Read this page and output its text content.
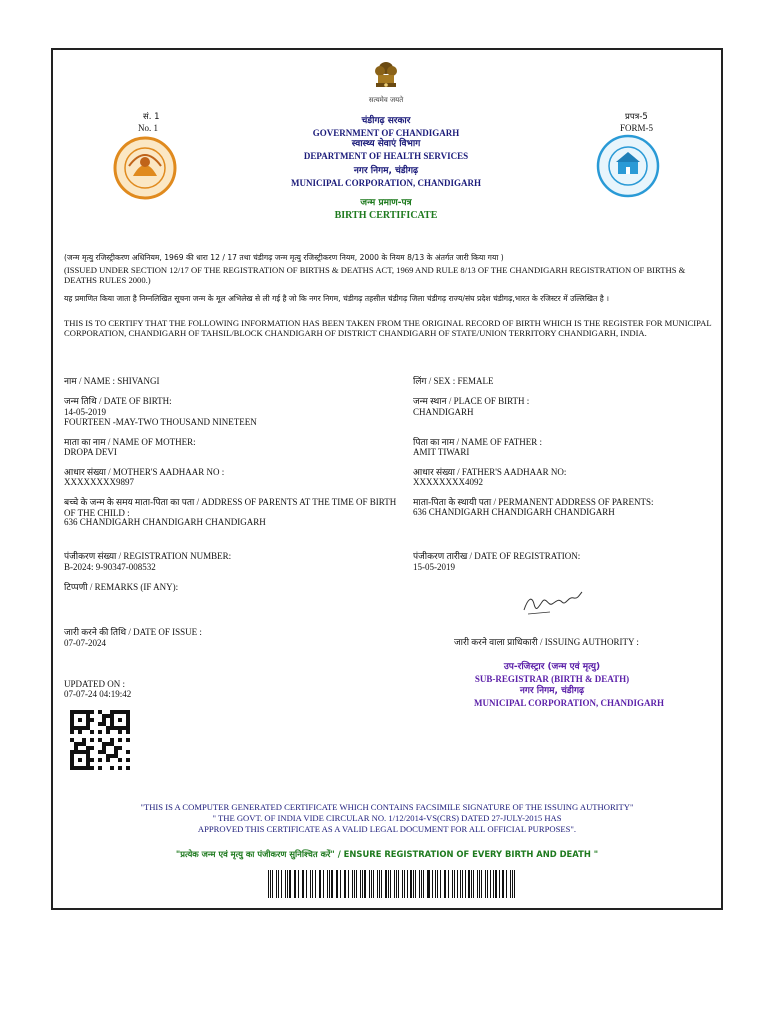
सत्यमेव जयते
सं. 1
No. 1
प्रपत्र-5
FORM-5
चंडीगढ़ सरकार
GOVERNMENT OF CHANDIGARH
स्वास्थ्य सेवाएं विभाग
DEPARTMENT OF HEALTH SERVICES
नगर निगम, चंडीगढ़
MUNICIPAL CORPORATION, CHANDIGARH
जन्म प्रमाण-पत्र
BIRTH CERTIFICATE
(जन्म मृत्यु रजिस्ट्रीकरण अधिनियम, 1969 की धारा 12 / 17 तथा चंडीगढ़ जन्म मृत्यु रजिस्ट्रीकरण नियम, 2000 के नियम 8/13 के अंतर्गत जारी किया गया )
(ISSUED UNDER SECTION 12/17 OF THE REGISTRATION OF BIRTHS & DEATHS ACT, 1969 AND RULE 8/13 OF THE CHANDIGARH REGISTRATION OF BIRTHS & DEATHS RULES 2000.)
यह प्रमाणित किया जाता है निम्नलिखित सूचना जन्म के मूल अभिलेख से ली गई है जो कि नगर निगम, चंडीगढ़ तहसील चंडीगढ़ जिला चंडीगढ़ राज्य/संघ प्रदेश चंडीगढ़,भारत के रजिस्टर में उल्लिखित है ।
THIS IS TO CERTIFY THAT THE FOLLOWING INFORMATION HAS BEEN TAKEN FROM THE ORIGINAL RECORD OF BIRTH WHICH IS THE REGISTER FOR MUNICIPAL CORPORATION, CHANDIGARH OF TAHSIL/BLOCK CHANDIGARH OF DISTRICT CHANDIGARH OF STATE/UNION TERRITORY CHANDIGARH, INDIA.
नाम / NAME : SHIVANGI
जन्म तिथि / DATE OF BIRTH:
14-05-2019
FOURTEEN -MAY-TWO THOUSAND NINETEEN
माता का नाम / NAME OF MOTHER:
DROPA DEVI
आधार संख्या / MOTHER'S AADHAAR NO :
XXXXXXXX9897
बच्चे के जन्म के समय माता-पिता का पता / ADDRESS OF PARENTS AT THE TIME OF BIRTH OF THE CHILD :
636 CHANDIGARH CHANDIGARH CHANDIGARH
पंजीकरण संख्या / REGISTRATION NUMBER:
B-2024: 9-90347-008532
टिप्पणी / REMARKS (IF ANY):
जारी करने की तिथि / DATE OF ISSUE :
07-07-2024
UPDATED ON :
07-07-24 04:19:42
लिंग / SEX : FEMALE
जन्म स्थान / PLACE OF BIRTH :
CHANDIGARH
पिता का नाम / NAME OF FATHER :
AMIT TIWARI
आधार संख्या / FATHER'S AADHAAR NO:
XXXXXXXX4092
माता-पिता के स्थायी पता / PERMANENT ADDRESS OF PARENTS:
636 CHANDIGARH CHANDIGARH CHANDIGARH
पंजीकरण तारीख / DATE OF REGISTRATION:
15-05-2019
जारी करने वाला प्राधिकारी / ISSUING AUTHORITY :
उप-रजिस्ट्रार (जन्म एवं मृत्यु)
SUB-REGISTRAR (BIRTH & DEATH)
नगर निगम, चंडीगढ़
MUNICIPAL CORPORATION, CHANDIGARH
"THIS IS A COMPUTER GENERATED CERTIFICATE WHICH CONTAINS FACSIMILE SIGNATURE OF THE ISSUING AUTHORITY"
" THE GOVT. OF INDIA VIDE CIRCULAR NO. 1/12/2014-VS(CRS) DATED 27-JULY-2015 HAS
APPROVED THIS CERTIFICATE AS A VALID LEGAL DOCUMENT FOR ALL OFFICIAL PURPOSES".
"प्रत्येक जन्म एवं मृत्यु का पंजीकरण सुनिश्चित करें" / ENSURE REGISTRATION OF EVERY BIRTH AND DEATH "
